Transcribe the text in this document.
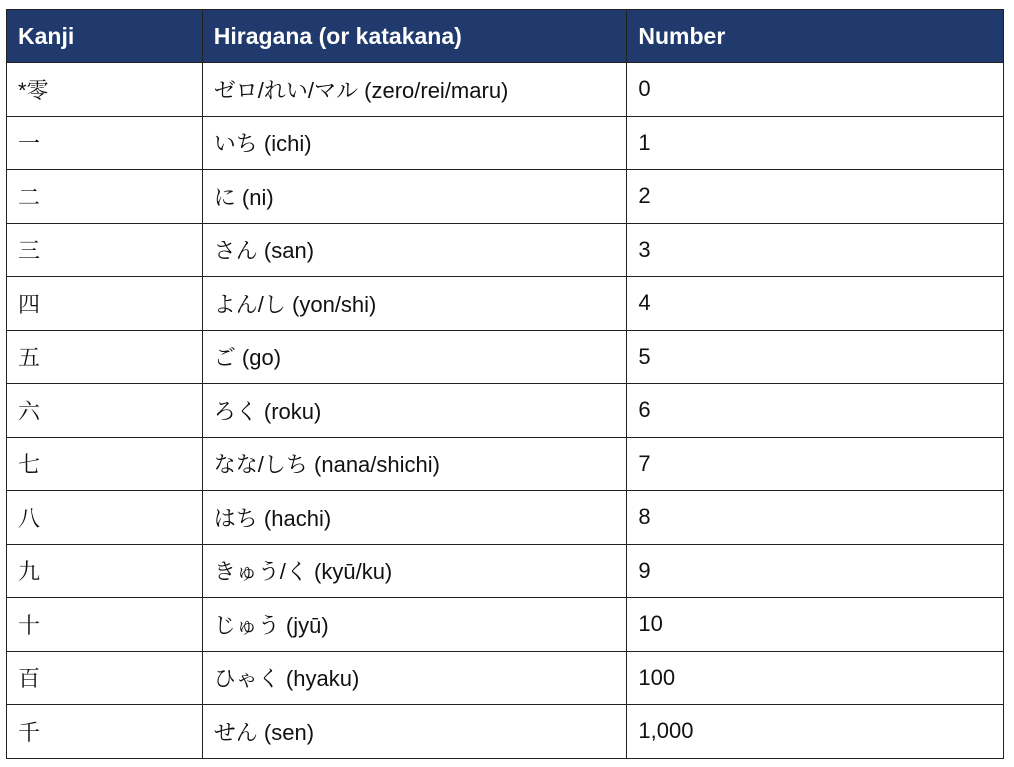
Kanji	Hiragana (or katakana)	Number
*零	ゼロ/れい/マル (zero/rei/maru)	0
一	いち (ichi)	1
二	に (ni)	2
三	さん (san)	3
四	よん/し (yon/shi)	4
五	ご (go)	5
六	ろく (roku)	6
七	なな/しち (nana/shichi)	7
八	はち (hachi)	8
九	きゅう/く (kyū/ku)	9
十	じゅう (jyū)	10
百	ひゃく (hyaku)	100
千	せん (sen)	1,000
